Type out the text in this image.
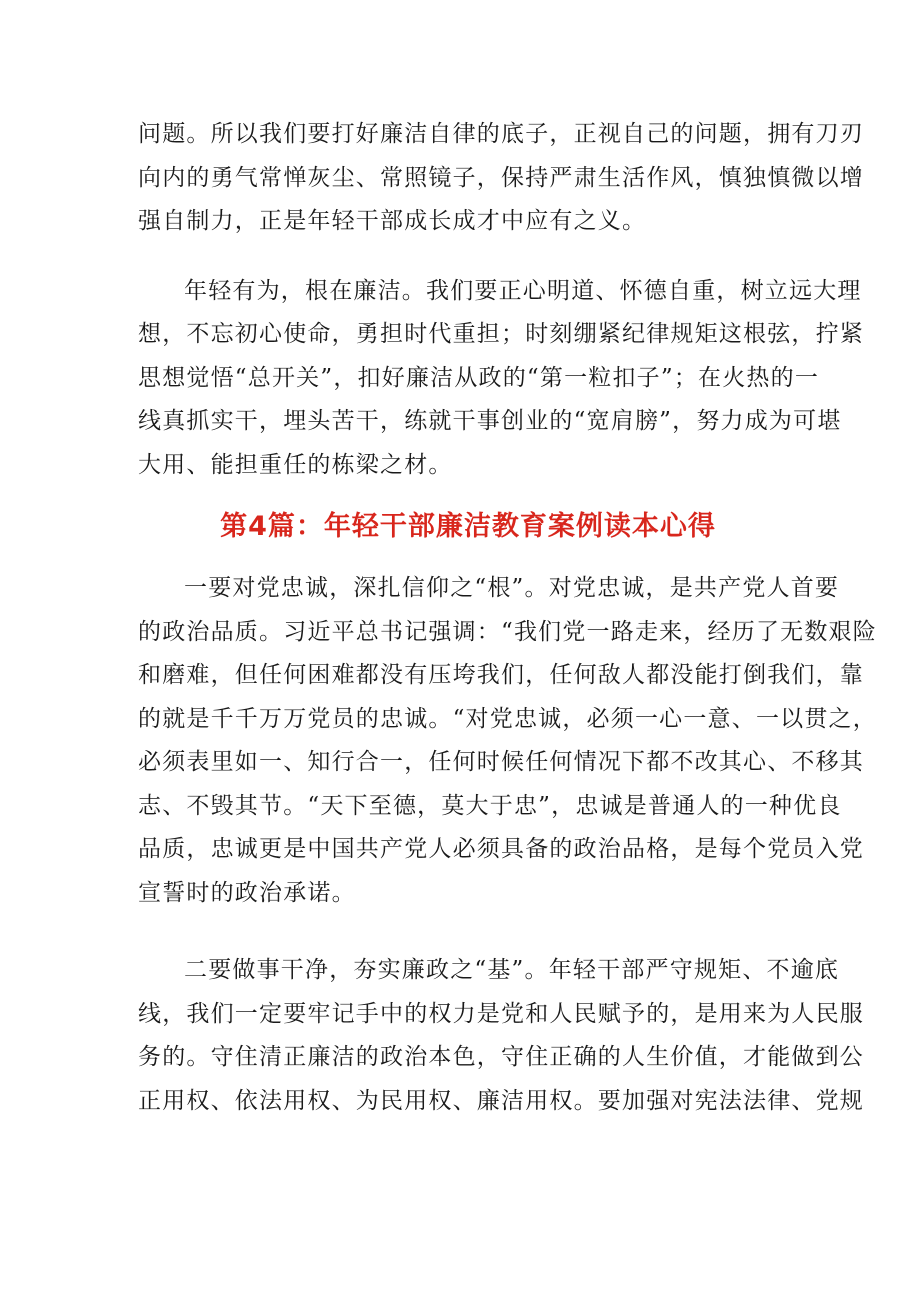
问题。所以我们要打好廉洁自律的底子，正视自己的问题，拥有刀刃
向内的勇气常惮灰尘、常照镜子，保持严肃生活作风，慎独慎微以增
强自制力，正是年轻干部成长成才中应有之义。

年轻有为，根在廉洁。我们要正心明道、怀德自重，树立远大理
想，不忘初心使命，勇担时代重担；时刻绷紧纪律规矩这根弦，拧紧
思想觉悟“总开关”，扣好廉洁从政的“第一粒扣子”；在火热的一
线真抓实干，埋头苦干，练就干事创业的“宽肩膀”，努力成为可堪
大用、能担重任的栋梁之材。

第4篇：年轻干部廉洁教育案例读本心得

一要对党忠诚，深扎信仰之“根”。对党忠诚，是共产党人首要
的政治品质。习近平总书记强调：“我们党一路走来，经历了无数艰险
和磨难，但任何困难都没有压垮我们，任何敌人都没能打倒我们，靠
的就是千千万万党员的忠诚。“对党忠诚，必须一心一意、一以贯之，
必须表里如一、知行合一，任何时候任何情况下都不改其心、不移其
志、不毁其节。“天下至德，莫大于忠”，忠诚是普通人的一种优良
品质，忠诚更是中国共产党人必须具备的政治品格，是每个党员入党
宣誓时的政治承诺。

二要做事干净，夯实廉政之“基”。年轻干部严守规矩、不逾底
线，我们一定要牢记手中的权力是党和人民赋予的，是用来为人民服
务的。守住清正廉洁的政治本色，守住正确的人生价值，才能做到公
正用权、依法用权、为民用权、廉洁用权。要加强对宪法法律、党规
